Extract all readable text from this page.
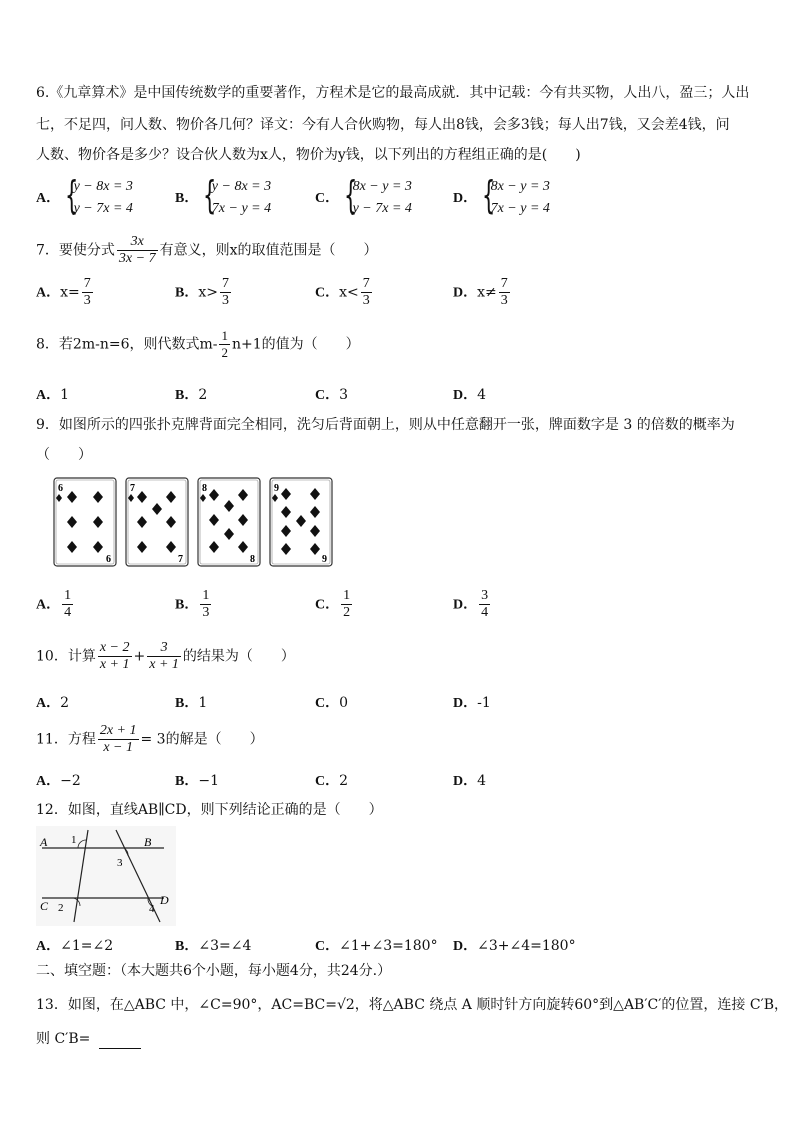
6.《九章算术》是中国传统数学的重要著作，方程术是它的最高成就．其中记载：今有共买物，人出八，盈三；人出
七，不足四，问人数、物价各几何？译文：今有人合伙购物，每人出8钱，会多3钱；每人出7钱，又会差4钱，问
人数、物价各是多少？设合伙人数为x人，物价为y钱，以下列出的方程组正确的是(　　)
A． {
y − 8x = 3
y − 7x = 4
B． {
y − 8x = 3
7x − y = 4
C． {
8x − y = 3
y − 7x = 4
D． {
8x − y = 3
7x − y = 4
7．要使分式 $\frac{3x}{3x - 7}$ 有意义，则x的取值范围是（　　）
A．$x= \frac{7}{3}$	B．$x> \frac{7}{3}$	C．$x< \frac{7}{3}$	D．$x\ne \frac{7}{3}$
8．若2m-n=6，则代数式$m- \frac{1}{2} n+1$的值为（　　）
A．1	B．2	C．3	D．4
9．如图所示的四张扑克牌背面完全相同，洗匀后背面朝上，则从中任意翻开一张，牌面数字是 3 的倍数的概率为
（　　）
6
6
7
7
8
8
9
9
A． $\frac{1}{4}$	B． $\frac{1}{3}$	C． $\frac{1}{2}$	D． $\frac{3}{4}$
10．计算 $\frac{x - 2}{x + 1} + \frac{3}{x + 1}$ 的结果为（　　）
A．2	B．1	C．0	D．-1
11．方程 $\frac{2x + 1}{x - 1} = 3$的解是（　　）
A．−2	B．−1	C．2	D．4
12．如图，直线AB∥CD，则下列结论正确的是（　　）
A	B
C	D
1
2
3
4
A．∠1=∠2	B．∠3=∠4	C．∠1+∠3=180° D．∠3+∠4=180°
二、填空题：（本大题共6个小题，每小题4分，共24分.）
13．如图，在△ABC 中，∠C=90°，AC=BC=√2，将△ABC 绕点 A 顺时针方向旋转60°到△AB′C′的位置，连接 C′B，
则 C′B=
